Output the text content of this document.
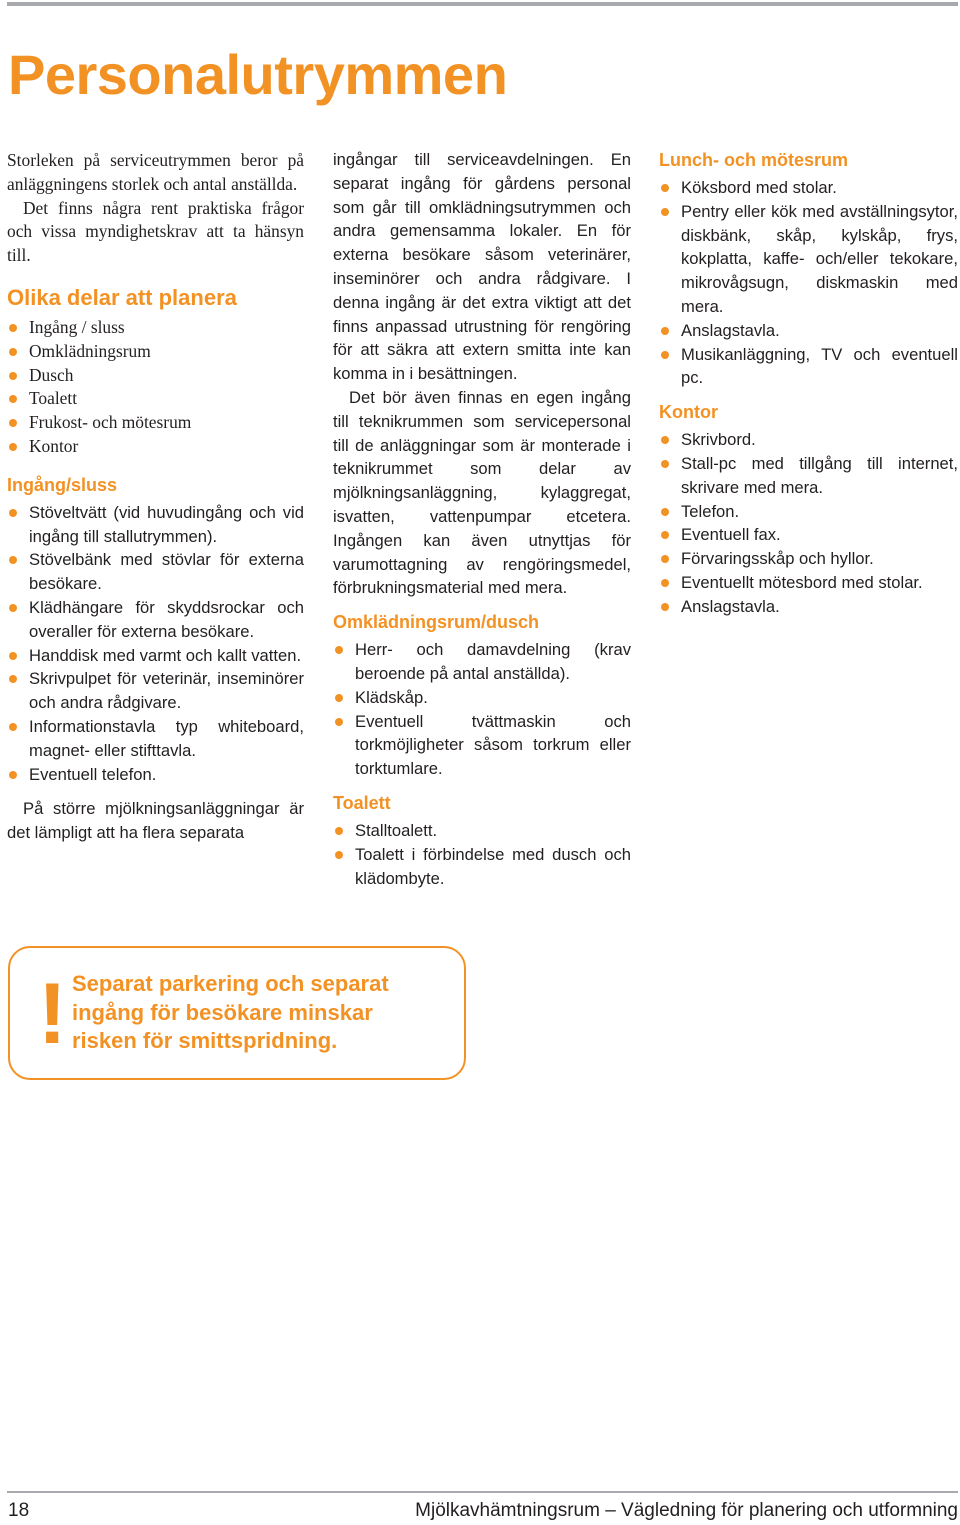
Personalutrymmen

Storleken på serviceutrymmen beror på anläggningens storlek och antal anställda.

Det finns några rent praktiska frågor och vissa myndighetskrav att ta hänsyn till.

Olika delar att planera
Ingång / sluss
Omklädningsrum
Dusch
Toalett
Frukost- och mötesrum
Kontor
Ingång/sluss
Stöveltvätt (vid huvudingång och vid ingång till stallutrymmen).
Stövelbänk med stövlar för externa besökare.
Klädhängare för skyddsrockar och overaller för externa besökare.
Handdisk med varmt och kallt vatten.
Skrivpulpet för veterinär, inseminörer och andra rådgivare.
Informationstavla typ whiteboard, magnet- eller stifttavla.
Eventuell telefon.

På större mjölkningsanläggningar är det lämpligt att ha flera separata

ingångar till serviceavdelningen. En separat ingång för gårdens personal som går till omklädningsutrymmen och andra gemensamma lokaler. En för externa besökare såsom veterinärer, inseminörer och andra rådgivare. I denna ingång är det extra viktigt att det finns anpassad utrustning för rengöring för att säkra att extern smitta inte kan komma in i besättningen.

Det bör även finnas en egen ingång till teknikrummen som servicepersonal till de anläggningar som är monterade i teknikrummet som delar av mjölkningsanläggning, kylaggregat, isvatten, vattenpumpar etcetera. Ingången kan även utnyttjas för varumottagning av rengöringsmedel, förbrukningsmaterial med mera.

Omklädningsrum/dusch
Herr- och damavdelning (krav beroende på antal anställda).
Klädskåp.
Eventuell tvättmaskin och torkmöjligheter såsom torkrum eller torktumlare.
Toalett
Stalltoalett.
Toalett i förbindelse med dusch och klädombyte.
Lunch- och mötesrum
Köksbord med stolar.
Pentry eller kök med avställningsytor, diskbänk, skåp, kylskåp, frys, kokplatta, kaffe- och/eller tekokare, mikrovågsugn, diskmaskin med mera.
Anslagstavla.
Musikanläggning, TV och eventuell pc.
Kontor
Skrivbord.
Stall-pc med tillgång till internet, skrivare med mera.
Telefon.
Eventuell fax.
Förvaringsskåp och hyllor.
Eventuellt mötesbord med stolar.
Anslagstavla.
! Separat parkering och separat ingång för besökare minskar risken för smittspridning.
18	Mjölkavhämtningsrum – Vägledning för planering och utformning
